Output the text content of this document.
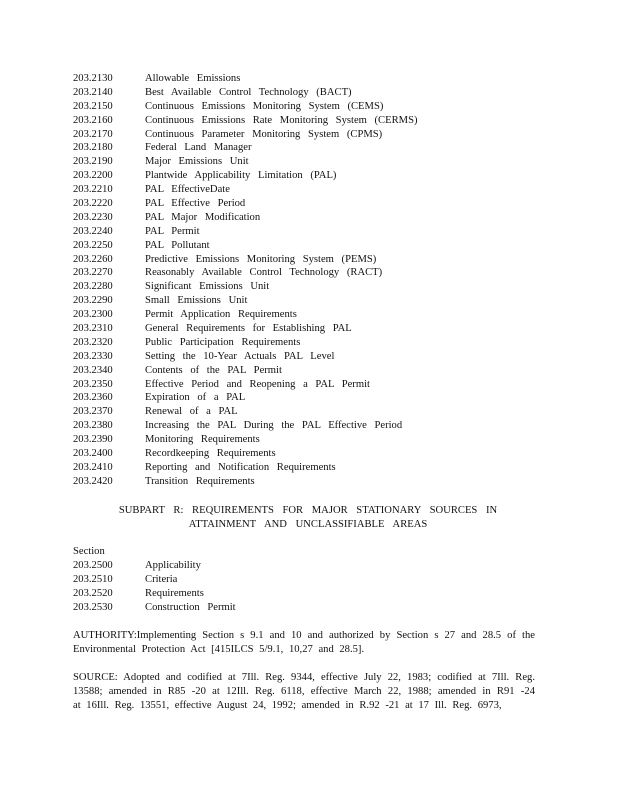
203.2130	Allowable Emissions
203.2140	Best Available Control Technology (BACT)
203.2150	Continuous Emissions Monitoring System (CEMS)
203.2160	Continuous Emissions Rate Monitoring System (CERMS)
203.2170	Continuous Parameter Monitoring System (CPMS)
203.2180	Federal Land Manager
203.2190	Major Emissions Unit
203.2200	Plantwide Applicability Limitation (PAL)
203.2210	PAL EffectiveDate
203.2220	PAL Effective Period
203.2230	PAL Major Modification
203.2240	PAL Permit
203.2250	PAL Pollutant
203.2260	Predictive Emissions Monitoring System (PEMS)
203.2270	Reasonably Available Control Technology (RACT)
203.2280	Significant Emissions Unit
203.2290	Small Emissions Unit
203.2300	Permit Application Requirements
203.2310	General Requirements for Establishing PAL
203.2320	Public Participation Requirements
203.2330	Setting the 10-Year Actuals PAL Level
203.2340	Contents of the PAL Permit
203.2350	Effective Period and Reopening a PAL Permit
203.2360	Expiration of a PAL
203.2370	Renewal of a PAL
203.2380	Increasing the PAL During the PAL Effective Period
203.2390	Monitoring Requirements
203.2400	Recordkeeping Requirements
203.2410	Reporting and Notification Requirements
203.2420	Transition Requirements
SUBPART R: REQUIREMENTS FOR MAJOR STATIONARY SOURCES IN
ATTAINMENT AND UNCLASSIFIABLE AREAS
Section
203.2500	Applicability
203.2510	Criteria
203.2520	Requirements
203.2530	Construction Permit
AUTHORITY:Implementing Section s 9.1 and 10 and authorized by Section s 27 and 28.5 of the Environmental Protection Act [415ILCS 5/9.1, 10,27 and 28.5].
SOURCE: Adopted and codified at 7Ill. Reg. 9344, effective July 22, 1983; codified at 7Ill. Reg. 13588; amended in R85 -20 at 12Ill. Reg. 6118, effective March 22, 1988; amended in R91 -24 at 16Ill. Reg. 13551, effective August 24, 1992; amended in R.92 -21 at 17 Ill. Reg. 6973,
